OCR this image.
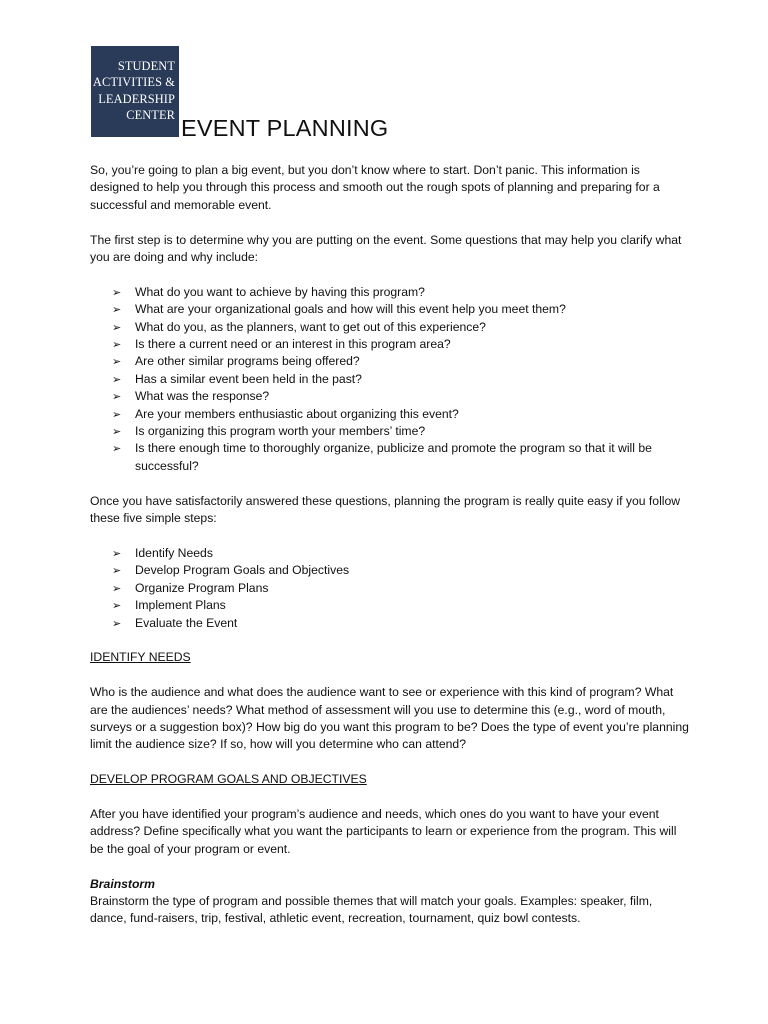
STUDENT
ACTIVITIES &
LEADERSHIP
CENTER
EVENT PLANNING

So, you’re going to plan a big event, but you don’t know where to start. Don’t panic. This information is designed to help you through this process and smooth out the rough spots of planning and preparing for a successful and memorable event.

The first step is to determine why you are putting on the event. Some questions that may help you clarify what you are doing and why include:

➢ What do you want to achieve by having this program?
➢ What are your organizational goals and how will this event help you meet them?
➢ What do you, as the planners, want to get out of this experience?
➢ Is there a current need or an interest in this program area?
➢ Are other similar programs being offered?
➢ Has a similar event been held in the past?
➢ What was the response?
➢ Are your members enthusiastic about organizing this event?
➢ Is organizing this program worth your members’ time?
➢ Is there enough time to thoroughly organize, publicize and promote the program so that it will be successful?

Once you have satisfactorily answered these questions, planning the program is really quite easy if you follow these five simple steps:

➢ Identify Needs
➢ Develop Program Goals and Objectives
➢ Organize Program Plans
➢ Implement Plans
➢ Evaluate the Event

IDENTIFY NEEDS

Who is the audience and what does the audience want to see or experience with this kind of program? What are the audiences’ needs? What method of assessment will you use to determine this (e.g., word of mouth, surveys or a suggestion box)? How big do you want this program to be? Does the type of event you’re planning limit the audience size? If so, how will you determine who can attend?

DEVELOP PROGRAM GOALS AND OBJECTIVES

After you have identified your program’s audience and needs, which ones do you want to have your event address? Define specifically what you want the participants to learn or experience from the program. This will be the goal of your program or event.

Brainstorm

Brainstorm the type of program and possible themes that will match your goals. Examples: speaker, film, dance, fund-raisers, trip, festival, athletic event, recreation, tournament, quiz bowl contests.
